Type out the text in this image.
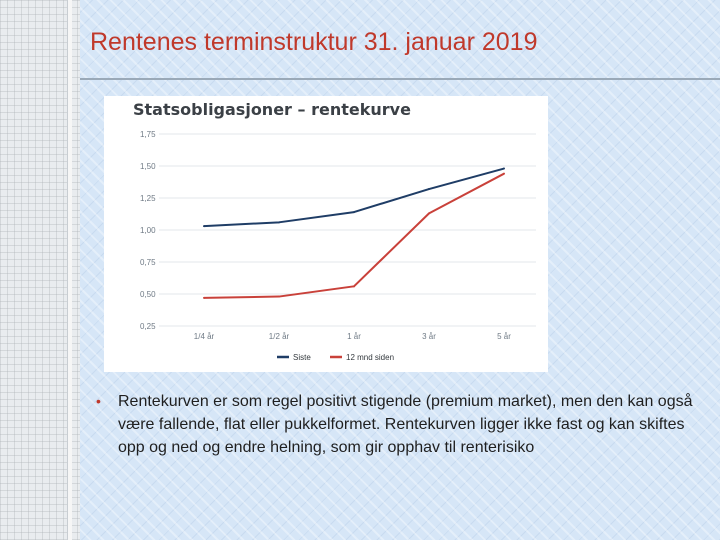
Rentenes terminstruktur 31. januar 2019
Statsobligasjoner – rentekurve
1,75
1,50
1,25
1,00
0,75
0,50
0,25
1/4 år	1/2 år	1 år	3 år	5 år
Siste	12 mnd siden
•	Rentekurven er som regel positivt stigende (premium market), men den kan også være fallende, flat eller pukkelformet. Rentekurven ligger ikke fast og kan skiftes opp og ned og endre helning, som gir opphav til renterisiko
